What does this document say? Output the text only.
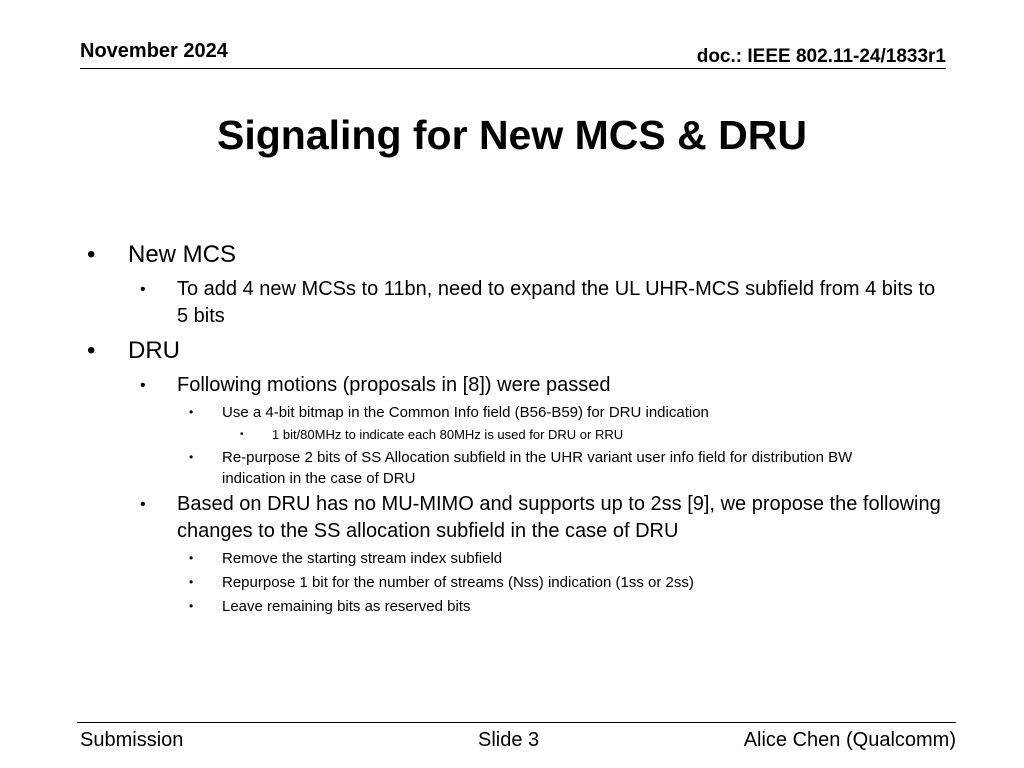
November 2024	doc.: IEEE 802.11-24/1833r1
Signaling for New MCS & DRU
• New MCS
• To add 4 new MCSs to 11bn, need to expand the UL UHR-MCS subfield from 4 bits to 5 bits
• DRU
• Following motions (proposals in [8]) were passed
• Use a 4-bit bitmap in the Common Info field (B56-B59) for DRU indication
• 1 bit/80MHz to indicate each 80MHz is used for DRU or RRU
• Re-purpose 2 bits of SS Allocation subfield in the UHR variant user info field for distribution BW indication in the case of DRU
• Based on DRU has no MU-MIMO and supports up to 2ss [9], we propose the following changes to the SS allocation subfield in the case of DRU
• Remove the starting stream index subfield
• Repurpose 1 bit for the number of streams (Nss) indication (1ss or 2ss)
• Leave remaining bits as reserved bits
Submission	Slide 3	Alice Chen (Qualcomm)
